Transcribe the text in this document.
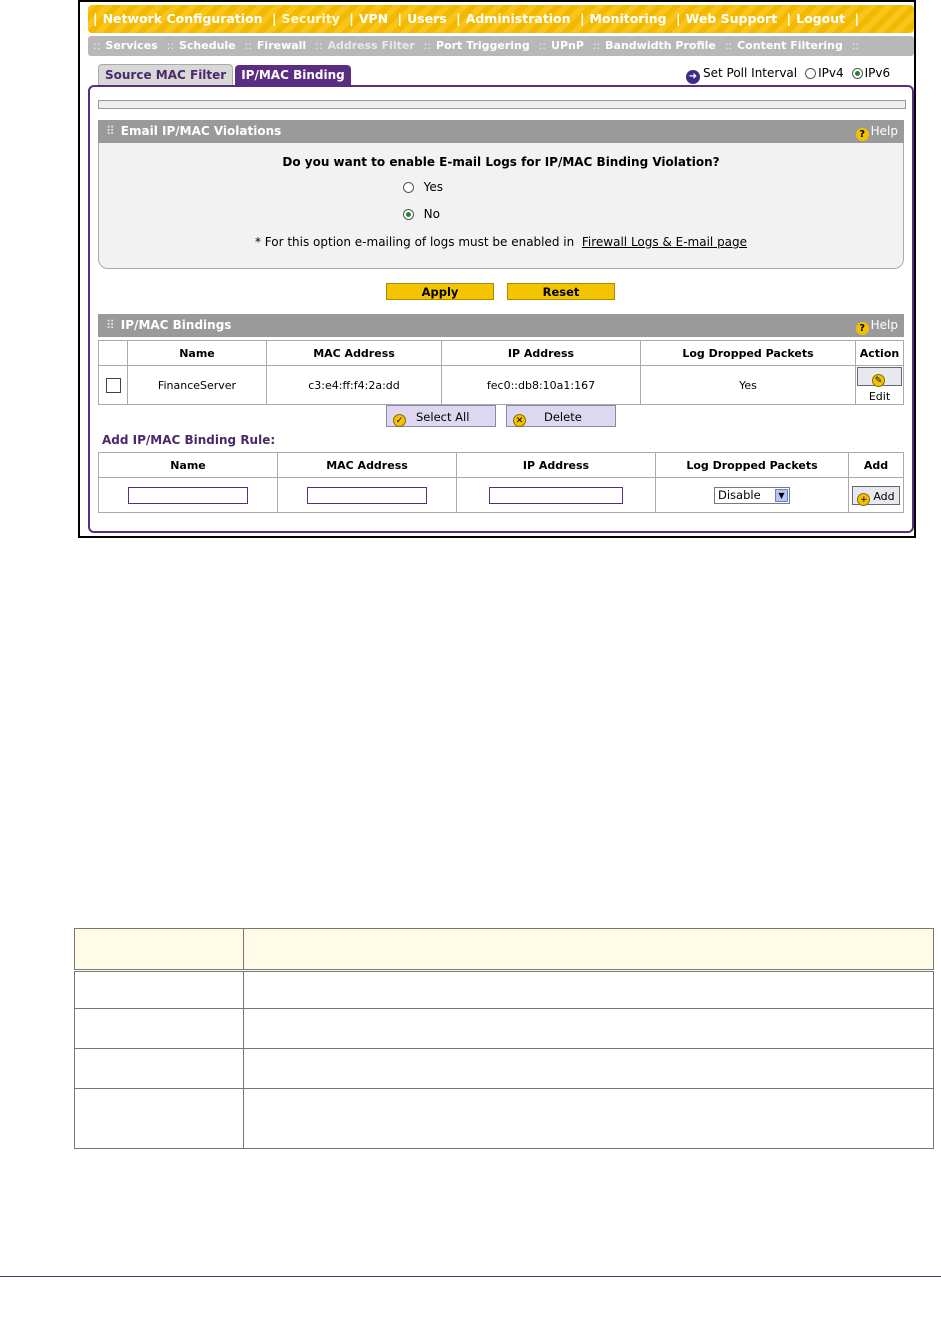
| Network Configuration | Security | VPN | Users | Administration | Monitoring | Web Support | Logout |
:: Services :: Schedule :: Firewall :: Address Filter :: Port Triggering :: UPnP :: Bandwidth Profile :: Content Filtering ::
Source MAC Filter IP/MAC Binding	➜ Set Poll Interval IPv4 IPv6
⠿ Email IP/MAC Violations	? Help
Do you want to enable E-mail Logs for IP/MAC Binding Violation?
Yes
No
* For this option e-mailing of logs must be enabled in Firewall Logs & E-mail page
Apply	Reset
⠿ IP/MAC Bindings	? Help
	Name	MAC Address	IP Address	Log Dropped Packets	Action
	FinanceServer	c3:e4:ff:f4:2a:dd	fec0::db8:10a1:167	Yes	✎Edit
✓ Select All	✕ Delete
Add IP/MAC Binding Rule:
Name	MAC Address	IP Address	Log Dropped Packets	Add
			Disable ▼	+ Add
